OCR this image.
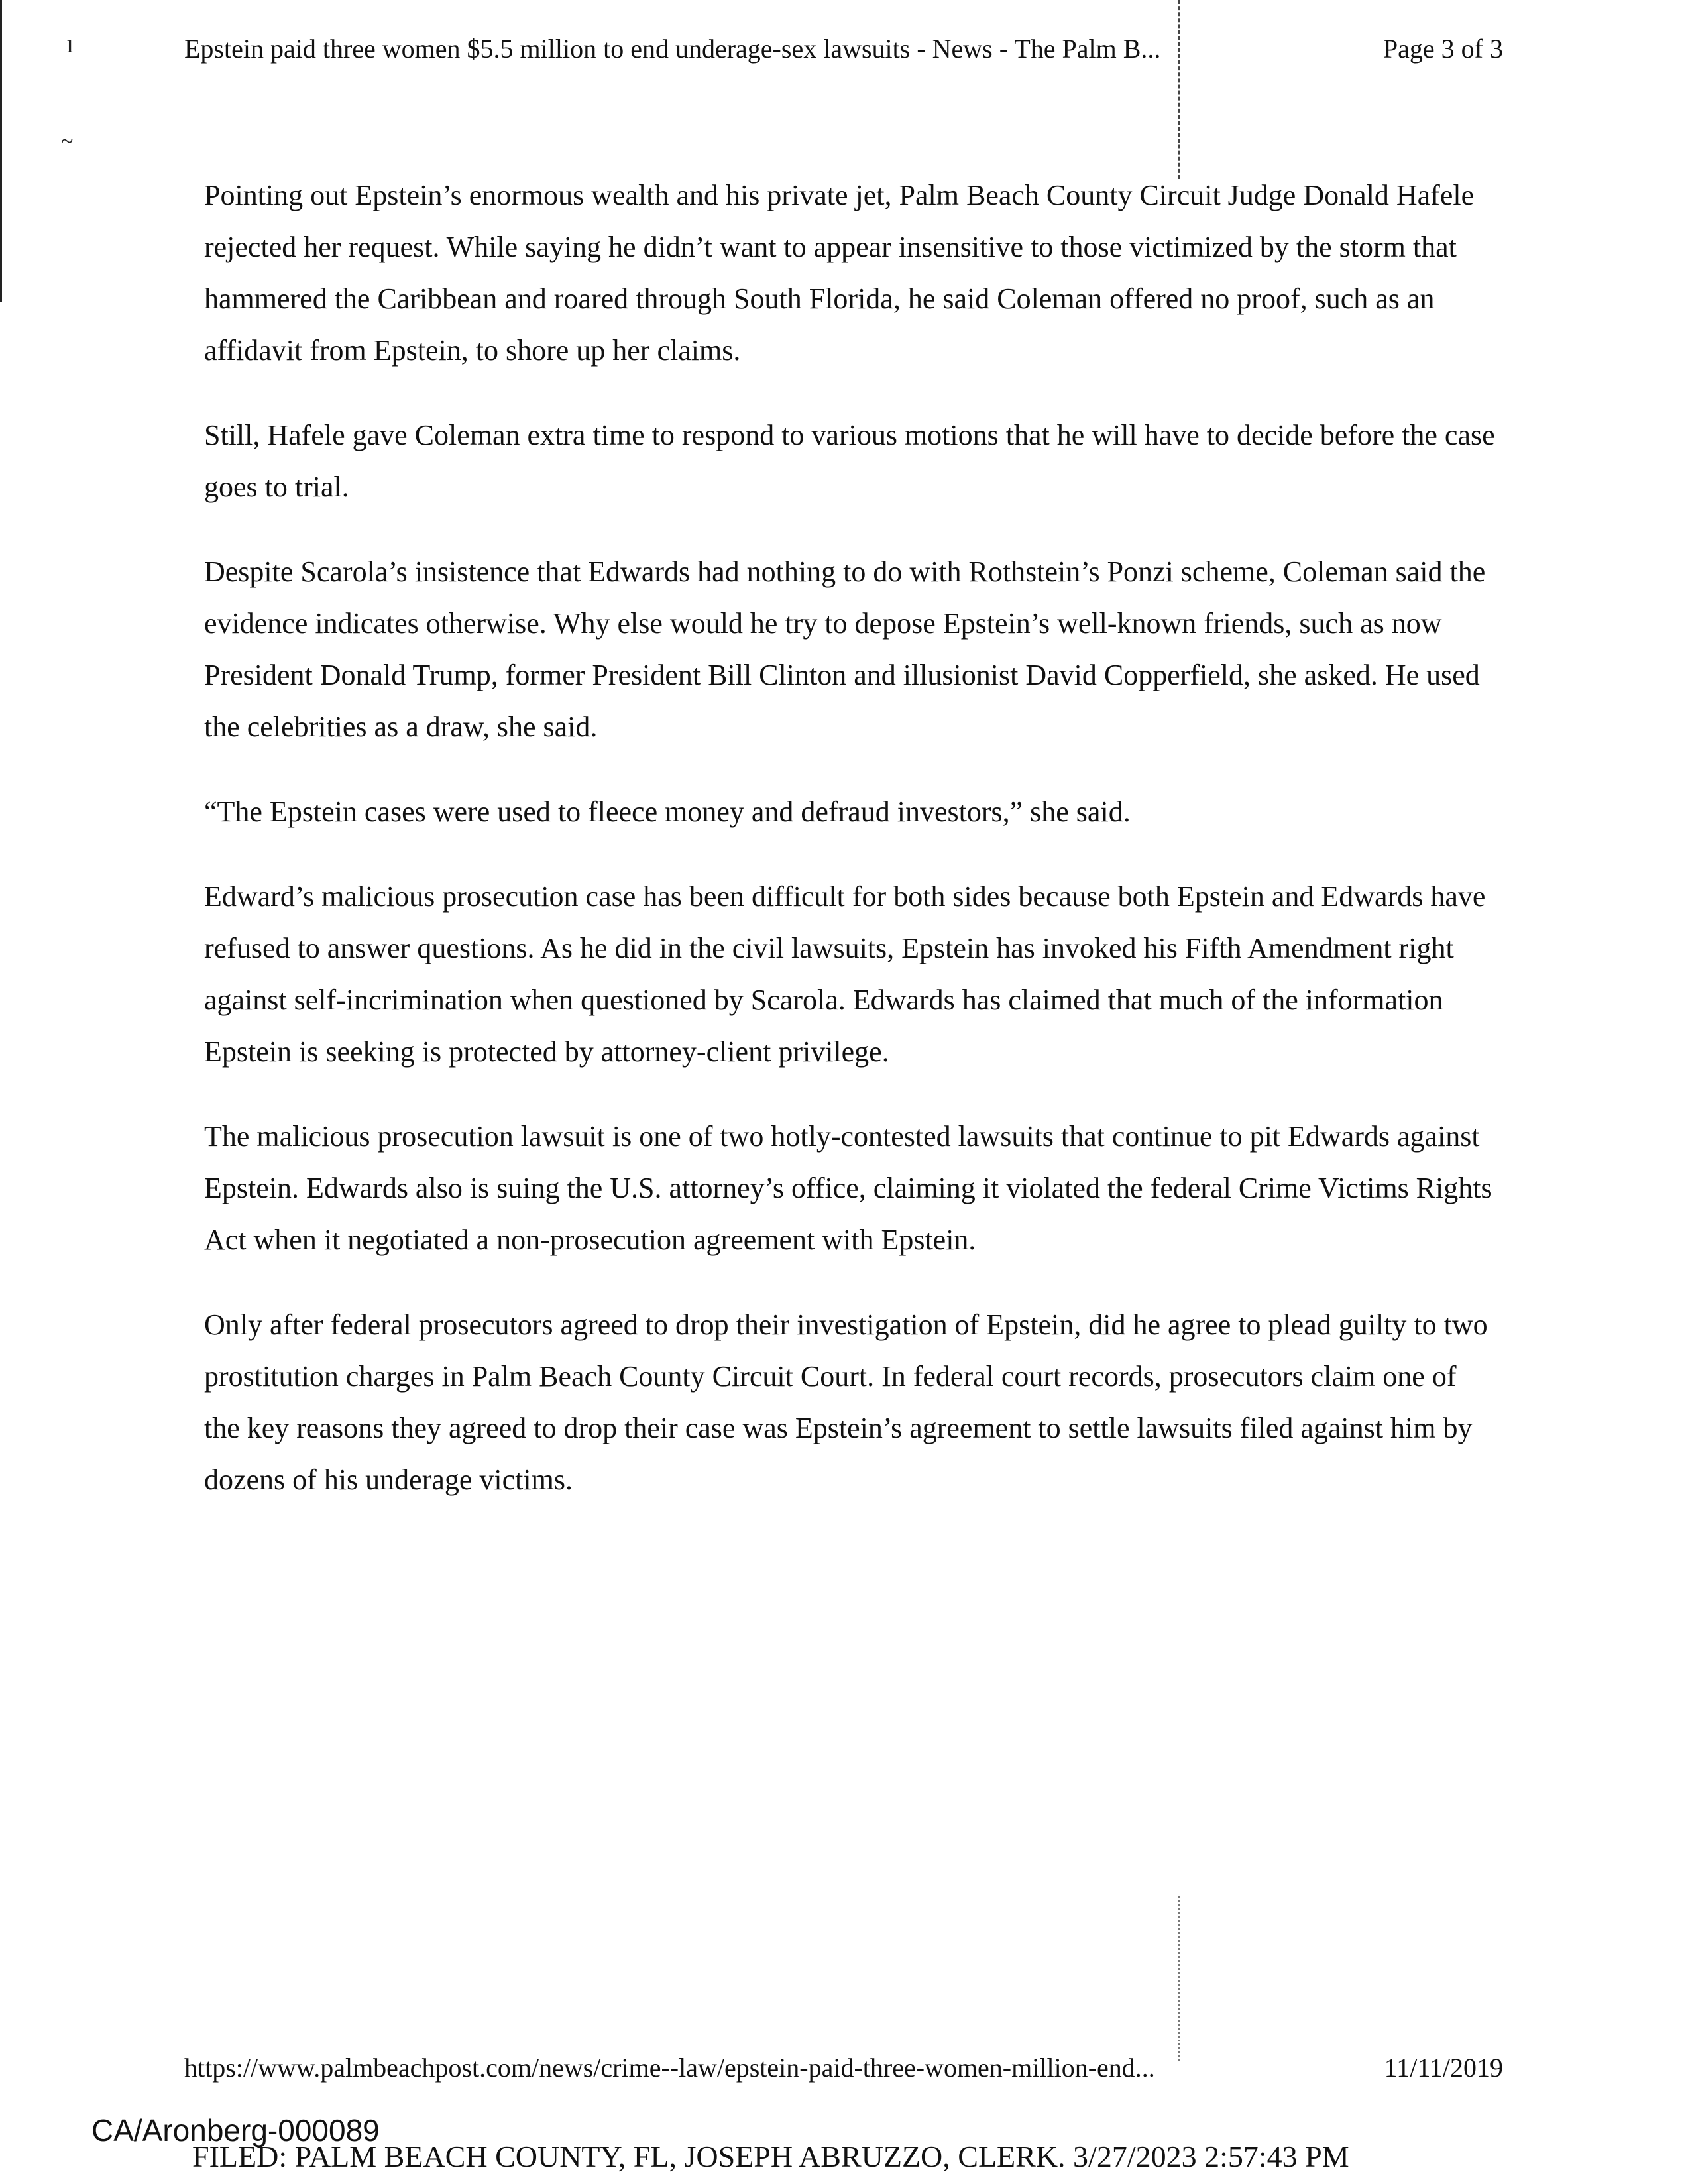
ı
~
Epstein paid three women $5.5 million to end underage-sex lawsuits - News - The Palm B...	Page 3 of 3

Pointing out Epstein’s enormous wealth and his private jet, Palm Beach County Circuit Judge Donald Hafele rejected her request. While saying he didn’t want to appear insensitive to those victimized by the storm that hammered the Caribbean and roared through South Florida, he said Coleman offered no proof, such as an affidavit from Epstein, to shore up her claims.

Still, Hafele gave Coleman extra time to respond to various motions that he will have to decide before the case goes to trial.

Despite Scarola’s insistence that Edwards had nothing to do with Rothstein’s Ponzi scheme, Coleman said the evidence indicates otherwise. Why else would he try to depose Epstein’s well-known friends, such as now President Donald Trump, former President Bill Clinton and illusionist David Copperfield, she asked. He used the celebrities as a draw, she said.

“The Epstein cases were used to fleece money and defraud investors,” she said.

Edward’s malicious prosecution case has been difficult for both sides because both Epstein and Edwards have refused to answer questions. As he did in the civil lawsuits, Epstein has invoked his Fifth Amendment right against self-incrimination when questioned by Scarola. Edwards has claimed that much of the information Epstein is seeking is protected by attorney-client privilege.

The malicious prosecution lawsuit is one of two hotly-contested lawsuits that continue to pit Edwards against Epstein. Edwards also is suing the U.S. attorney’s office, claiming it violated the federal Crime Victims Rights Act when it negotiated a non-prosecution agreement with Epstein.

Only after federal prosecutors agreed to drop their investigation of Epstein, did he agree to plead guilty to two prostitution charges in Palm Beach County Circuit Court. In federal court records, prosecutors claim one of the key reasons they agreed to drop their case was Epstein’s agreement to settle lawsuits filed against him by dozens of his underage victims.

https://www.palmbeachpost.com/news/crime--law/epstein-paid-three-women-million-end...	11/11/2019
CA/Aronberg-000089
FILED: PALM BEACH COUNTY, FL, JOSEPH ABRUZZO, CLERK. 3/27/2023 2:57:43 PM
